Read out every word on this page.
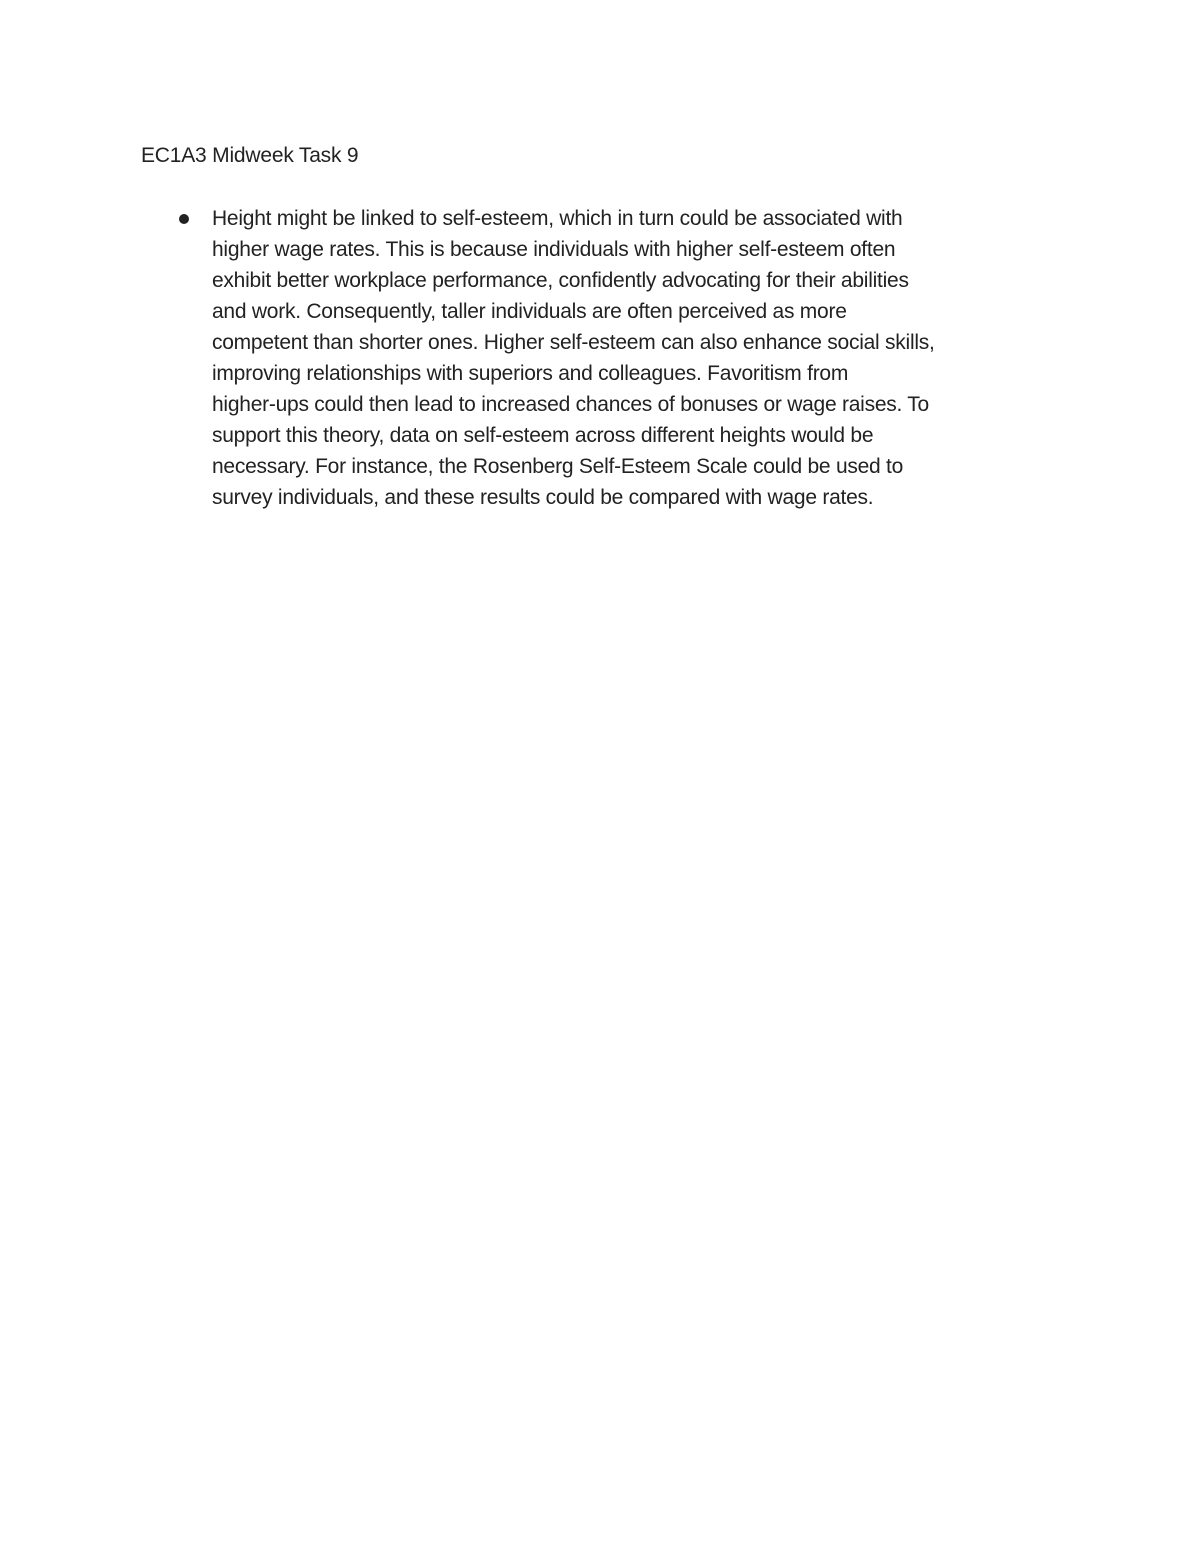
EC1A3 Midweek Task 9
Height might be linked to self-esteem, which in turn could be associated with
higher wage rates. This is because individuals with higher self-esteem often
exhibit better workplace performance, confidently advocating for their abilities
and work. Consequently, taller individuals are often perceived as more
competent than shorter ones. Higher self-esteem can also enhance social skills,
improving relationships with superiors and colleagues. Favoritism from
higher-ups could then lead to increased chances of bonuses or wage raises. To
support this theory, data on self-esteem across different heights would be
necessary. For instance, the Rosenberg Self-Esteem Scale could be used to
survey individuals, and these results could be compared with wage rates.
